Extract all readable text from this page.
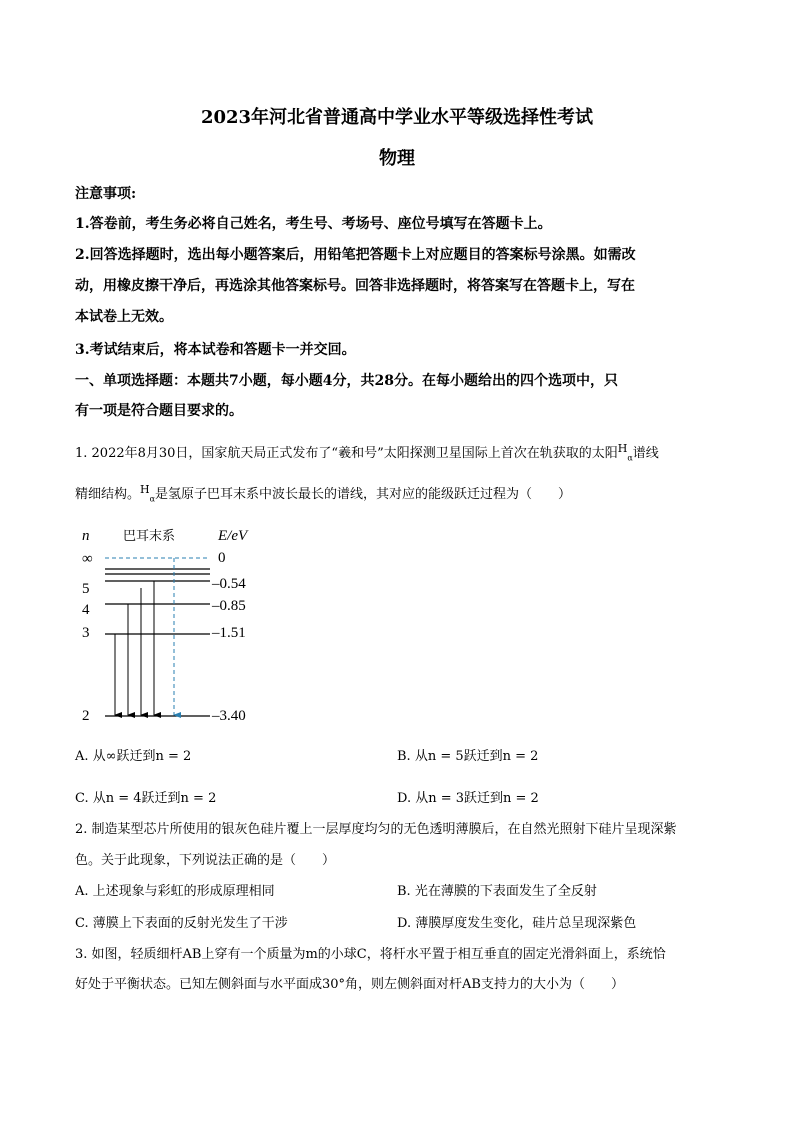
2023年河北省普通高中学业水平等级选择性考试
物理
注意事项:
1.答卷前，考生务必将自己姓名，考生号、考场号、座位号填写在答题卡上。
2.回答选择题时，选出每小题答案后，用铅笔把答题卡上对应题目的答案标号涂黑。如需改
动，用橡皮擦干净后，再选涂其他答案标号。回答非选择题时，将答案写在答题卡上，写在
本试卷上无效。
3.考试结束后，将本试卷和答题卡一并交回。
一、单项选择题：本题共7小题，每小题4分，共28分。在每小题给出的四个选项中，只
有一项是符合题目要求的。
1. 2022年8月30日，国家航天局正式发布了“羲和号”太阳探测卫星国际上首次在轨获取的太阳$^H_\alpha$谱线
精细结构。$^H_\alpha$是氢原子巴耳末系中波长最长的谱线，其对应的能级跃迁过程为（　　）
n	巴耳末系	E/eV
∞	0
5	–0.54
4	–0.85
3	–1.51
2	–3.40
A. 从∞跃迁到n = 2	B. 从n = 5跃迁到n = 2
C. 从n = 4跃迁到n = 2	D. 从n = 3跃迁到n = 2
2. 制造某型芯片所使用的银灰色硅片覆上一层厚度均匀的无色透明薄膜后，在自然光照射下硅片呈现深紫
色。关于此现象，下列说法正确的是（　　）
A. 上述现象与彩虹的形成原理相同	B. 光在薄膜的下表面发生了全反射
C. 薄膜上下表面的反射光发生了干涉	D. 薄膜厚度发生变化，硅片总呈现深紫色
3. 如图，轻质细杆AB上穿有一个质量为m的小球C，将杆水平置于相互垂直的固定光滑斜面上，系统恰
好处于平衡状态。已知左侧斜面与水平面成30°角，则左侧斜面对杆AB支持力的大小为（　　）
